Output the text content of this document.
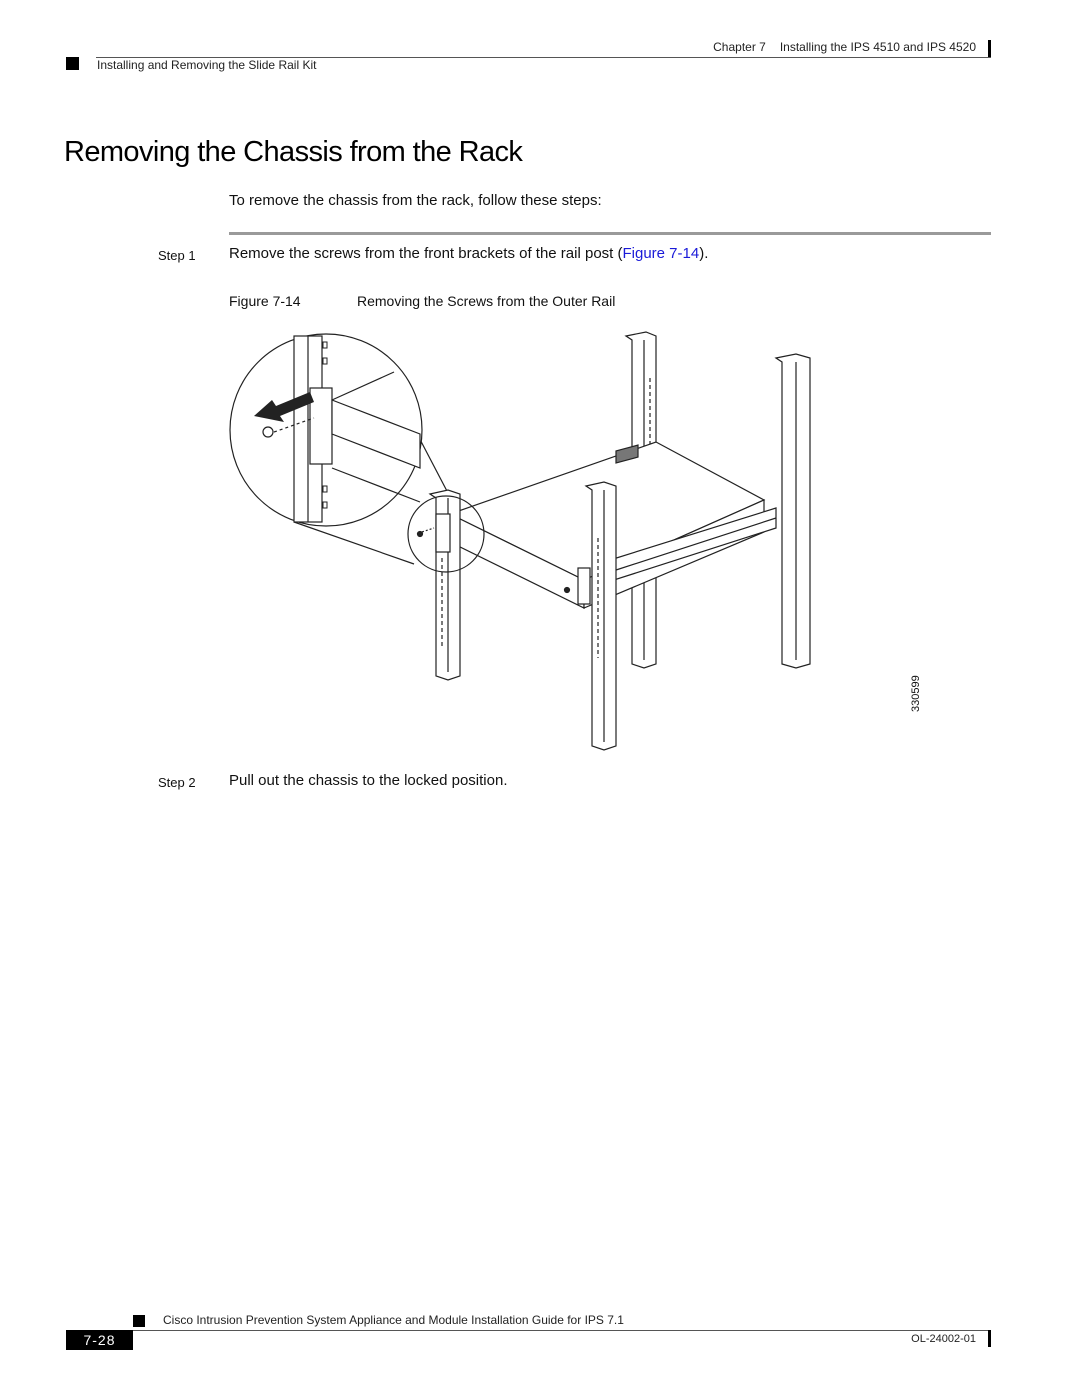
Chapter 7 Installing the IPS 4510 and IPS 4520
Installing and Removing the Slide Rail Kit
Removing the Chassis from the Rack
To remove the chassis from the rack, follow these steps:
Step 1 Remove the screws from the front brackets of the rail post (Figure 7-14).
Figure 7-14	Removing the Screws from the Outer Rail
330599
Step 2 Pull out the chassis to the locked position.
Cisco Intrusion Prevention System Appliance and Module Installation Guide for IPS 7.1
7-28	OL-24002-01
